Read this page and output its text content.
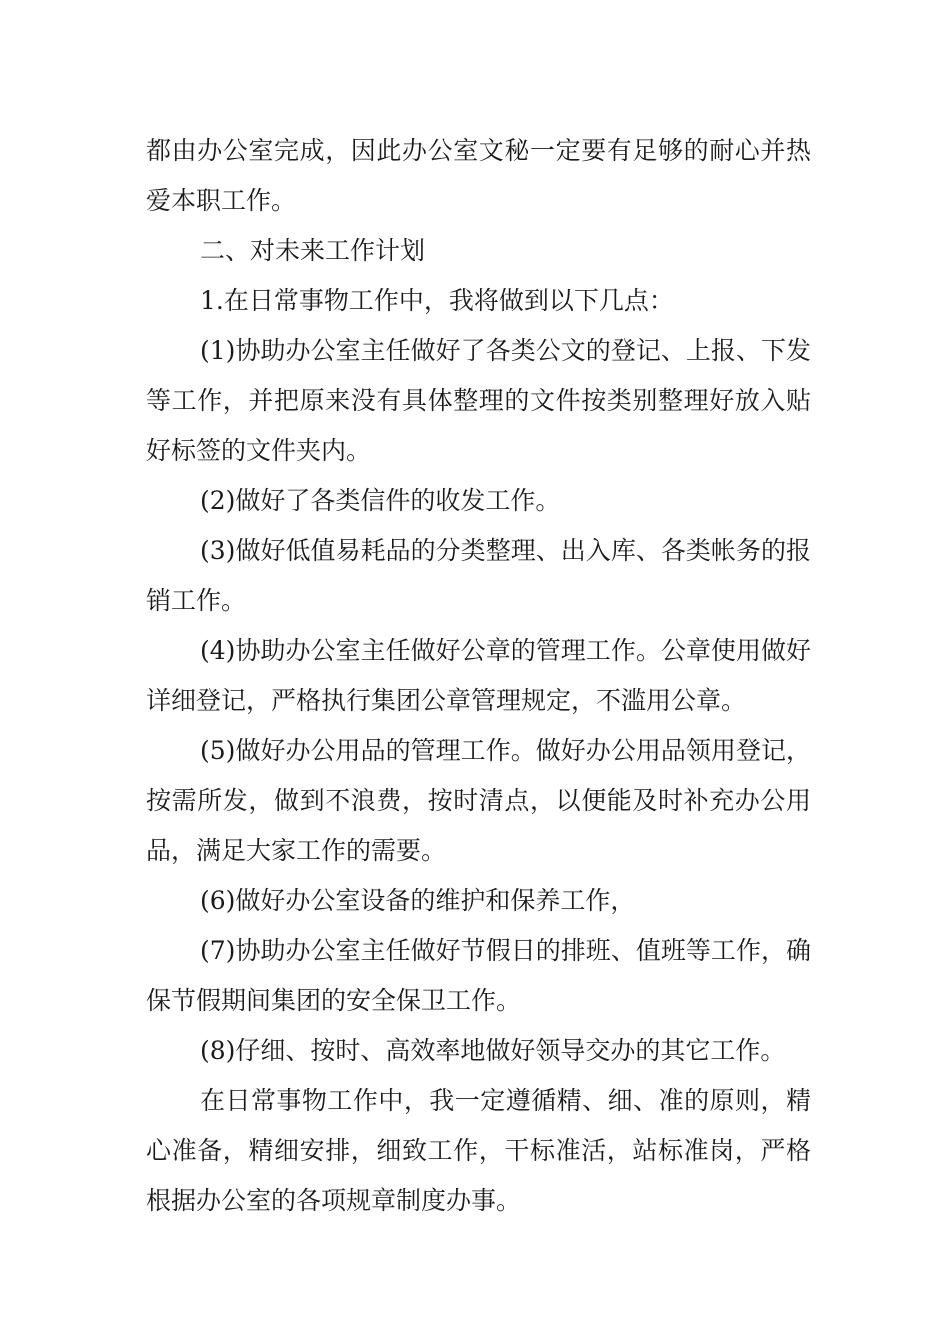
都由办公室完成，因此办公室文秘一定要有足够的耐心并热爱本职工作。

二、对未来工作计划

1.在日常事物工作中，我将做到以下几点：

(1)协助办公室主任做好了各类公文的登记、上报、下发等工作，并把原来没有具体整理的文件按类别整理好放入贴好标签的文件夹内。

(2)做好了各类信件的收发工作。

(3)做好低值易耗品的分类整理、出入库、各类帐务的报销工作。

(4)协助办公室主任做好公章的管理工作。公章使用做好详细登记，严格执行集团公章管理规定，不滥用公章。

(5)做好办公用品的管理工作。做好办公用品领用登记，按需所发，做到不浪费，按时清点，以便能及时补充办公用品，满足大家工作的需要。

(6)做好办公室设备的维护和保养工作，

(7)协助办公室主任做好节假日的排班、值班等工作，确保节假期间集团的安全保卫工作。

(8)仔细、按时、高效率地做好领导交办的其它工作。

在日常事物工作中，我一定遵循精、细、准的原则，精心准备，精细安排，细致工作，干标准活，站标准岗，严格根据办公室的各项规章制度办事。
